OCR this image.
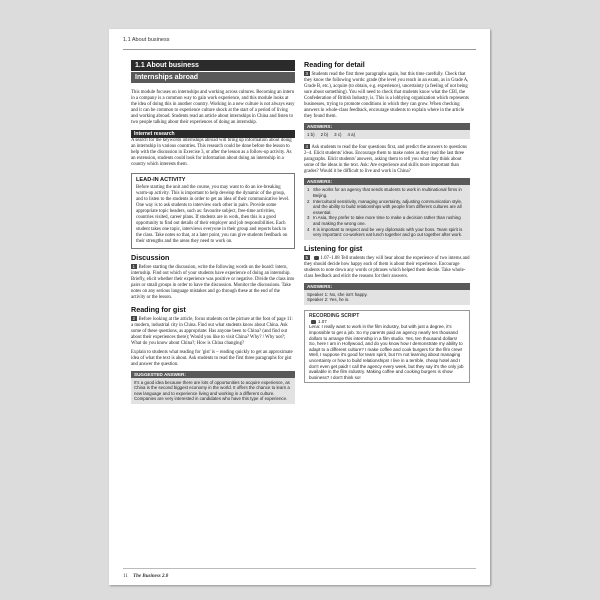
1.1 About business
1.1 About business
Internships abroad

This module focuses on internships and working across cultures. Becoming an intern in a company is a common way to gain work experience, and this module looks at the idea of doing this in another country. Working in a new culture is not always easy and it can be common to experience culture shock at the start of a period of living and working abroad. Students read an article about internships in China and listen to two people talking about their experiences of doing an internship.

Internet research

A search for the keywords internships abroad will bring up information about doing an internship in various countries. This research could be done before the lesson to help with the discussion in Exercise 3, or after the lesson as a follow-up activity. As an extension, students could look for information about doing an internship in a country which interests them.

LEAD-IN ACTIVITY

Before starting the unit and the course, you may want to do an ice-breaking warm-up activity. This is important to help develop the dynamic of the group, and to listen to the students in order to get an idea of their communicative level. One way is to ask students to interview each other in pairs. Provide some appropriate topic headers, such as: favourite subject, free-time activities, countries visited, career plans. If students are in work, then this is a good opportunity to find out details of their employer and job responsibilities. Each student takes one topic, interviews everyone in their group and reports back to the class. Take notes so that, at a later point, you can give students feedback on their strengths and the areas they need to work on.

Discussion

1 Before starting the discussion, write the following words on the board: intern, internship. Find out which of your students have experience of doing an internship. Briefly, elicit whether their experience was positive or negative. Divide the class into pairs or small groups in order to have the discussion. Monitor the discussions. Take notes on any serious language mistakes and go through these at the end of the activity or the lesson.

Reading for gist

2 Before looking at the article, focus students on the picture at the foot of page 11: a modern, industrial city in China. Find out what students know about China. Ask some of these questions, as appropriate: Has anyone been to China? (and find out about their experiences there); Would you like to visit China? Why? / Why not?; What do you know about China?; How is China changing?

Explain to students what reading for 'gist' is – reading quickly to get an approximate idea of what the text is about. Ask students to read the first three paragraphs for gist and answer the question.

SUGGESTED ANSWER:
It's a good idea because there are lots of opportunities to acquire experience, as China is the second biggest economy in the world. It offers the chance to learn a new language and to experience living and working in a different culture. Companies are very interested in candidates who have this type of experience.
Reading for detail

3 Students read the first three paragraphs again, but this time carefully. Check that they know the following words: grade (the level you reach in an exam, as in Grade A, Grade B, etc.), acquire (to obtain, e.g. experience), uncertainty (a feeling of not being sure about something). You will need to check that students know what the CBI, the Confederation of British Industry, is. This is a lobbying organization which represents businesses, trying to promote conditions in which they can grow. When checking answers in whole-class feedback, encourage students to explain where in the article they found them.

ANSWERS:
1 b) 2 b) 3 c) 4 a)

4 Ask students to read the four questions first, and predict the answers to questions 2–4. Elicit students' ideas. Encourage them to make notes as they read the last three paragraphs. Elicit students' answers, asking them to tell you what they think about some of the ideas in the text. Ask: Are experience and skills more important than grades? Would it be difficult to live and work in China?

ANSWERS:
1 She works for an agency that sends students to work in multinational firms in Beijing.
2 Intercultural sensitivity, managing uncertainty, adjusting communication style, and the ability to build relationships with people from different cultures are all essential.
3 In Asia, they prefer to take more time to make a decision rather than rushing and making the wrong one.
4 It is important to respect and be very diplomatic with your boss. Team spirit is very important: co-workers eat lunch together and go out together after work.
Listening for gist

5	1.07–1.08 Tell students they will hear about the experience of two interns and they should decide how happy each of them is about their experience. Encourage students to note down any words or phrases which helped them decide. Take whole-class feedback and elicit the reasons for their answers.

ANSWERS:
Speaker 1: No, she isn't happy.
Speaker 2: Yes, he is.
RECORDING SCRIPT
1.07
Lena: I really want to work in the film industry, but with just a degree, it's impossible to get a job. So my parents paid an agency nearly ten thousand dollars to arrange this internship in a film studio. Yes, ten thousand dollars! So, here I am in Hollywood, and do you know how I demonstrate my ability to adapt to a different culture? I make coffee and cook burgers for the film crew! Well, I suppose it's good for team spirit, but I'm not learning about managing uncertainty or how to build relationships! I live in a terrible, cheap hotel and I don't even get paid! I call the agency every week, but they say it's the only job available in the film industry. Making coffee and cooking burgers is show business? I don't think so!
11 The Business 2.0
